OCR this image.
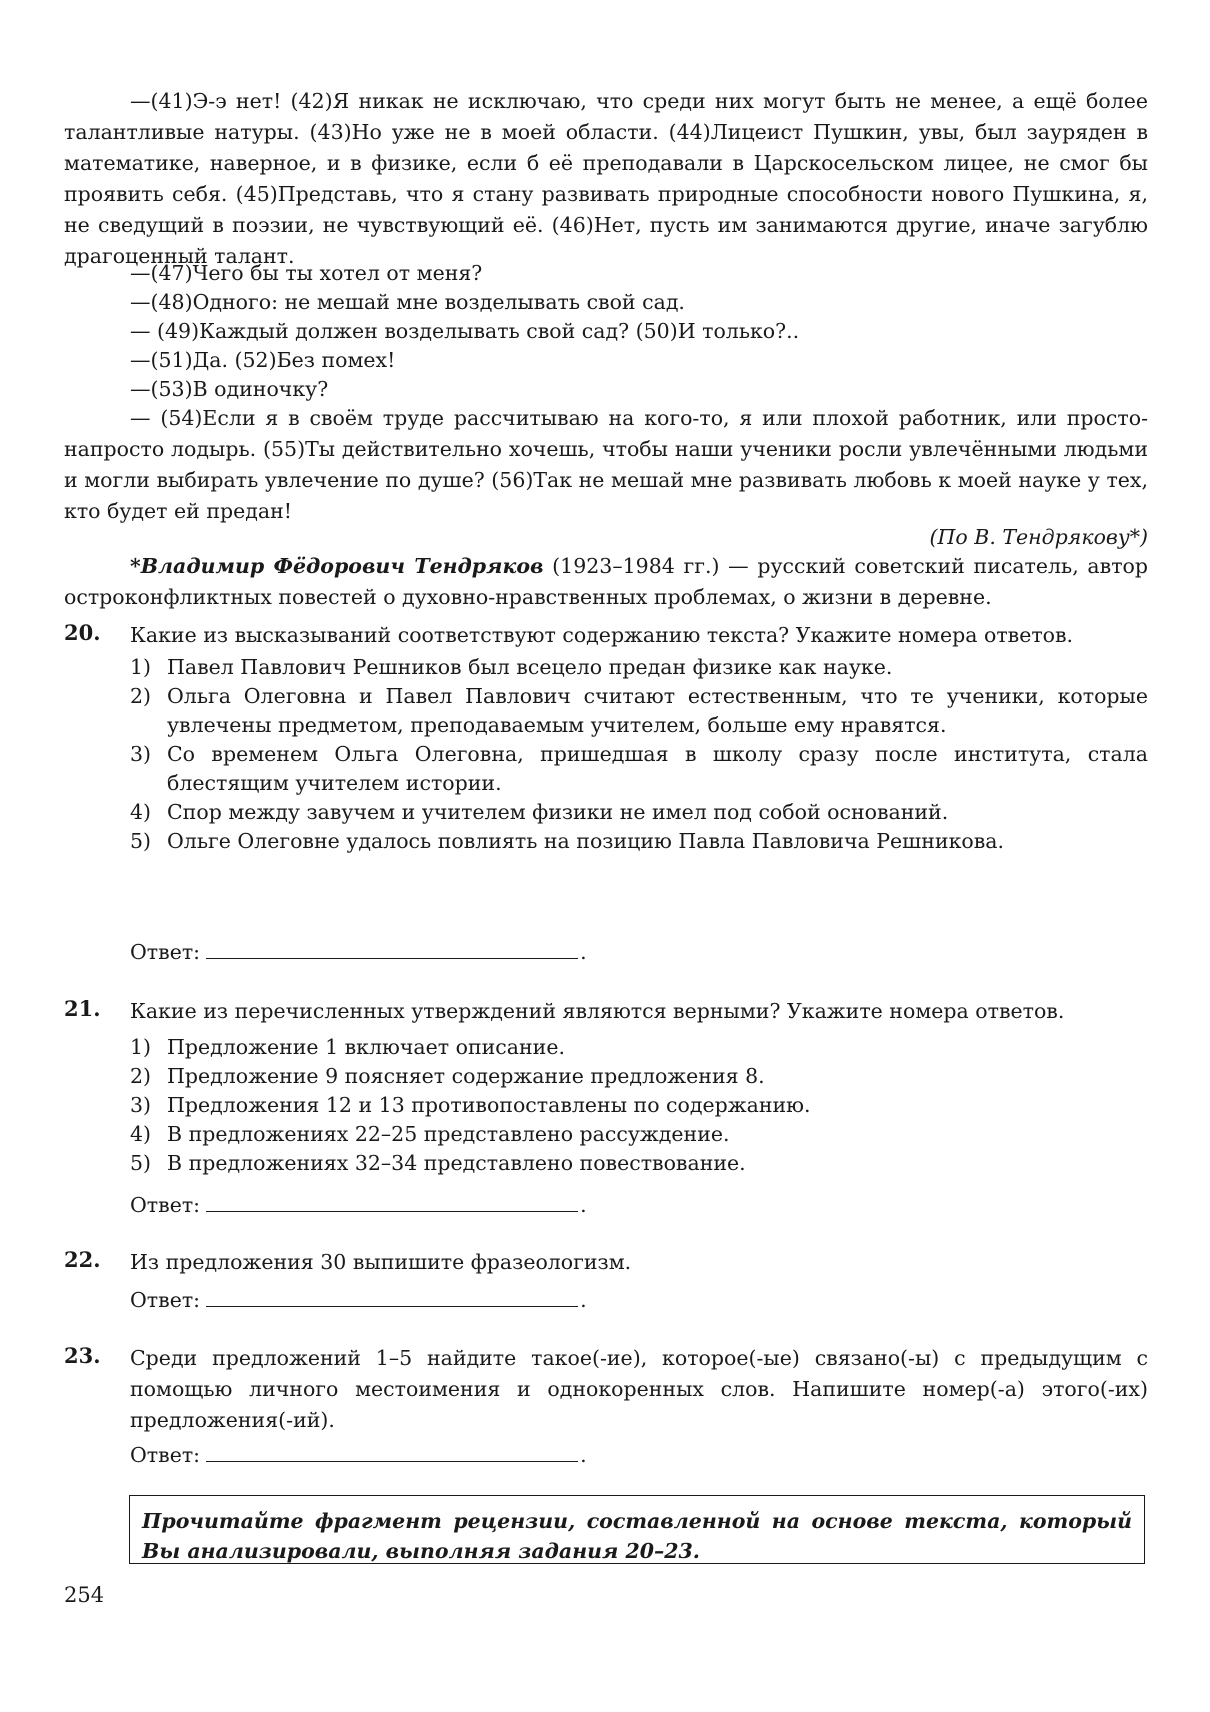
—(41)Э-э нет! (42)Я никак не исключаю, что среди них могут быть не менее, а ещё более талантливые натуры. (43)Но уже не в моей области. (44)Лицеист Пушкин, увы, был зауряден в математике, наверное, и в физике, если б её преподавали в Царскосельском лицее, не смог бы проявить себя. (45)Представь, что я стану развивать природные способности нового Пушкина, я, не сведущий в поэзии, не чувствующий её. (46)Нет, пусть им занимаются другие, иначе загублю драгоценный талант.

—(47)Чего бы ты хотел от меня?

—(48)Одного: не мешай мне возделывать свой сад.

— (49)Каждый должен возделывать свой сад? (50)И только?..

—(51)Да. (52)Без помех!

—(53)В одиночку?

— (54)Если я в своём труде рассчитываю на кого-то, я или плохой работник, или просто-напросто лодырь. (55)Ты действительно хочешь, чтобы наши ученики росли увлечёнными людьми и могли выбирать увлечение по душе? (56)Так не мешай мне развивать любовь к моей науке у тех, кто будет ей предан!

(По В. Тендрякову*)

*Владимир Фёдорович Тендряков (1923–1984 гг.) — русский советский писатель, автор остроконфликтных повестей о духовно-нравственных проблемах, о жизни в деревне.

20. Какие из высказываний соответствуют содержанию текста? Укажите номера ответов.
1) Павел Павлович Решников был всецело предан физике как науке.
2) Ольга Олеговна и Павел Павлович считают естественным, что те ученики, которые увлечены предметом, преподаваемым учителем, больше ему нравятся.
3) Со временем Ольга Олеговна, пришедшая в школу сразу после института, стала блестящим учителем истории.
4) Спор между завучем и учителем физики не имел под собой оснований.
5) Ольге Олеговне удалось повлиять на позицию Павла Павловича Решникова.
Ответ:	.
21. Какие из перечисленных утверждений являются верными? Укажите номера ответов.
1) Предложение 1 включает описание.
2) Предложение 9 поясняет содержание предложения 8.
3) Предложения 12 и 13 противопоставлены по содержанию.
4) В предложениях 22–25 представлено рассуждение.
5) В предложениях 32–34 представлено повествование.
Ответ:	.
22. Из предложения 30 выпишите фразеологизм.
Ответ:	.
23. Среди предложений 1–5 найдите такое(-ие), которое(-ые) связано(-ы) с предыдущим с помощью личного местоимения и однокоренных слов. Напишите номер(-а) этого(-их) предложения(-ий).
Ответ:	.
Прочитайте фрагмент рецензии, составленной на основе текста, который Вы анализировали, выполняя задания 20–23.
254
